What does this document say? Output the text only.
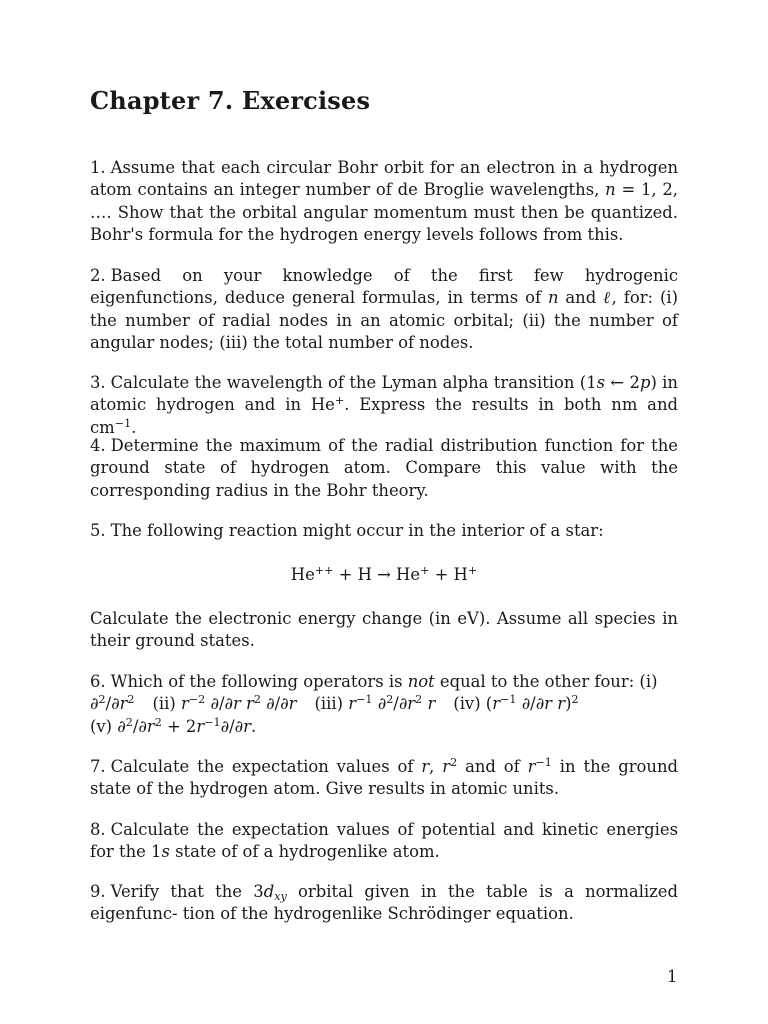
Chapter 7. Exercises

1. Assume that each circular Bohr orbit for an electron in a hydrogen atom contains an integer number of de Broglie wavelengths, n = 1, 2, …. Show that the orbital angular momentum must then be quantized. Bohr's formula for the hydrogen energy levels follows from this.

2. Based on your knowledge of the first few hydrogenic eigenfunctions, deduce general formulas, in terms of n and ℓ, for: (i) the number of radial nodes in an atomic orbital; (ii) the number of angular nodes; (iii) the total number of nodes.

3. Calculate the wavelength of the Lyman alpha transition (1s ← 2p) in atomic hydrogen and in He+. Express the results in both nm and $cm^{-1}$.

4. Determine the maximum of the radial distribution function for the ground state of hydrogen atom. Compare this value with the corresponding radius in the Bohr theory.

5. The following reaction might occur in the interior of a star:

He++ + H → He+ + H+

Calculate the electronic energy change (in eV). Assume all species in their ground states.

6. Which of the following operators is not equal to the other four: (i)
$\partial^2/\partial r^2$ (ii) $r^{-2}$ ∂/∂r $r^2$ ∂/∂r (iii) $r^{-1}$ $\partial^2/\partial r^2$ r (iv) ($r^{-1}$ ∂/∂r r)$^2$
(v) $\partial^2/\partial r^2 + 2r^{-1}\partial/\partial r$.

7. Calculate the expectation values of r, $r^2$ and of $r^{-1}$ in the ground state of the hydrogen atom. Give results in atomic units.

8. Calculate the expectation values of potential and kinetic energies for the 1s state of of a hydrogenlike atom.

9. Verify that the $3d_{xy}$ orbital given in the table is a normalized eigenfunc- tion of the hydrogenlike Schrödinger equation.

1
